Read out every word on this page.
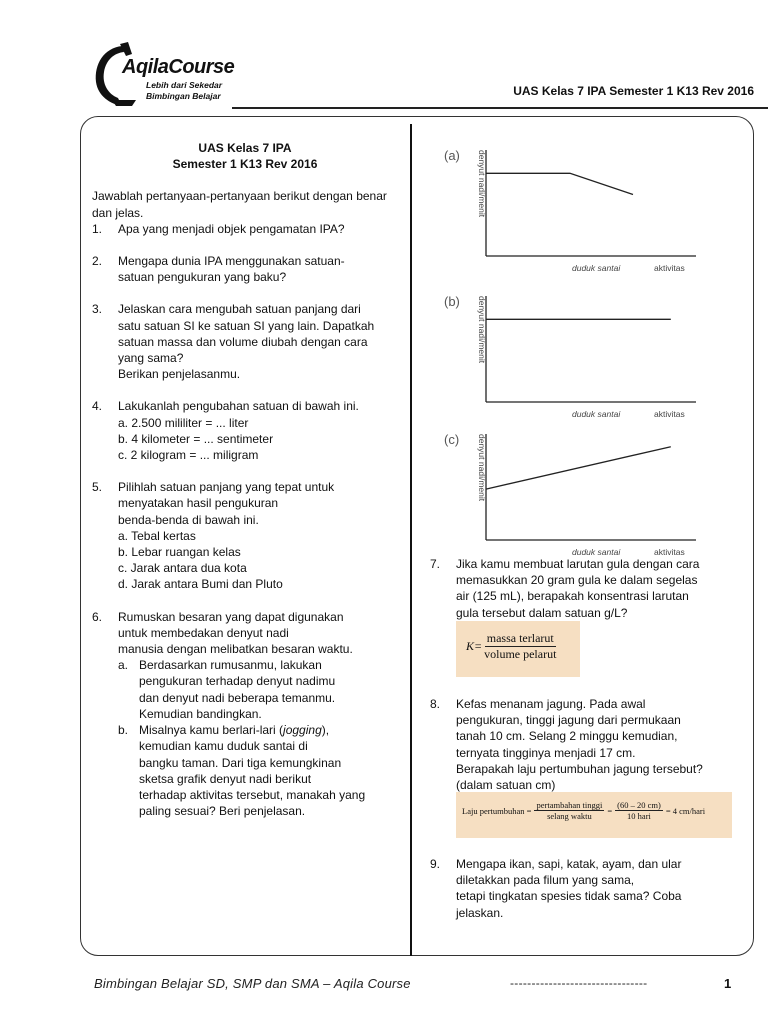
AqilaCourse
Lebih dari Sekedar
Bimbingan Belajar	UAS Kelas 7 IPA Semester 1 K13 Rev 2016
UAS Kelas 7 IPA
Semester 1 K13 Rev 2016

Jawablah pertanyaan-pertanyaan berikut dengan benar dan jelas.

1.	Apa yang menjadi objek pengamatan IPA?
2.	Mengapa dunia IPA menggunakan satuan-
satuan pengukuran yang baku?
3.	Jelaskan cara mengubah satuan panjang dari
satu satuan SI ke satuan SI yang lain. Dapatkah
satuan massa dan volume diubah dengan cara
yang sama?
Berikan penjelasanmu.
4.	Lakukanlah pengubahan satuan di bawah ini.
a. 2.500 mililiter = ... liter
b. 4 kilometer = ... sentimeter
c. 2 kilogram = ... miligram
5.	Pilihlah satuan panjang yang tepat untuk
menyatakan hasil pengukuran
benda-benda di bawah ini.
a. Tebal kertas
b. Lebar ruangan kelas
c. Jarak antara dua kota
d. Jarak antara Bumi dan Pluto
6.	Rumuskan besaran yang dapat digunakan
untuk membedakan denyut nadi
manusia dengan melibatkan besaran waktu.
a. Berdasarkan rumusanmu, lakukan
pengukuran terhadap denyut nadimu
dan denyut nadi beberapa temanmu.
Kemudian bandingkan.
b. Misalnya kamu berlari-lari (jogging),
kemudian kamu duduk santai di
bangku taman. Dari tiga kemungkinan
sketsa grafik denyut nadi berikut
terhadap aktivitas tersebut, manakah yang
paling sesuai? Beri penjelasan.
(a) denyut nadi/menit
duduk santai	aktivitas
(b) denyut nadi/menit
duduk santai	aktivitas
(c) denyut nadi/menit
duduk santai	aktivitas
7.	Jika kamu membuat larutan gula dengan cara
memasukkan 20 gram gula ke dalam segelas
air (125 mL), berapakah konsentrasi larutan
gula tersebut dalam satuan g/L?
$K= \frac{\text{massa terlarut}}{\text{volume pelarut}}$
8.	Kefas menanam jagung. Pada awal
pengukuran, tinggi jagung dari permukaan
tanah 10 cm. Selang 2 minggu kemudian,
ternyata tingginya menjadi 17 cm.
Berapakah laju pertumbuhan jagung tersebut?
(dalam satuan cm)
Laju pertumbuhan = $\frac{\text{pertambahan tinggi}}{\text{selang waktu}} = \frac{(60 - 20 cm)}{\text{10 hari}} = 4$ cm/hari
9.	Mengapa ikan, sapi, katak, ayam, dan ular
diletakkan pada filum yang sama,
tetapi tingkatan spesies tidak sama? Coba
jelaskan.
Bimbingan Belajar SD, SMP dan SMA – Aqila Course	--------------------------------	1
